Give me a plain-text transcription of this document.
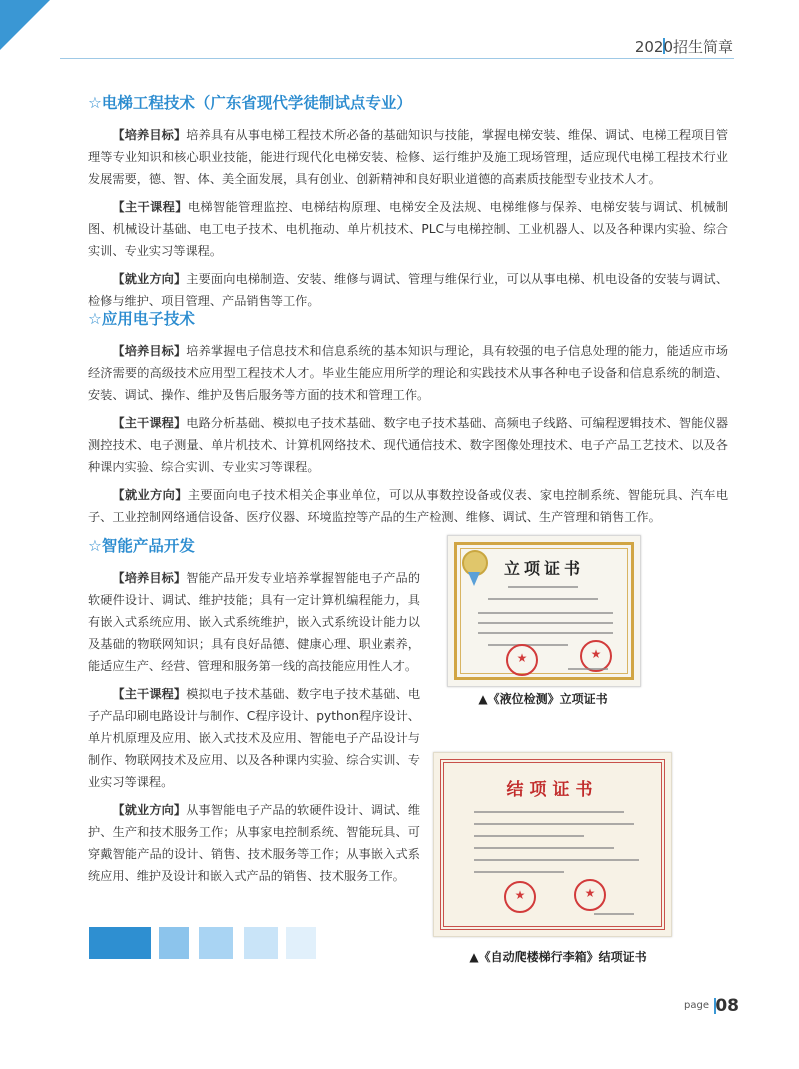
2020招生简章
☆电梯工程技术（广东省现代学徒制试点专业）

【培养目标】培养具有从事电梯工程技术所必备的基础知识与技能，掌握电梯安装、维保、调试、电梯工程项目管理等专业知识和核心职业技能，能进行现代化电梯安装、检修、运行维护及施工现场管理，适应现代电梯工程技术行业发展需要，德、智、体、美全面发展，具有创业、创新精神和良好职业道德的高素质技能型专业技术人才。

【主干课程】电梯智能管理监控、电梯结构原理、电梯安全及法规、电梯维修与保养、电梯安装与调试、机械制图、机械设计基础、电工电子技术、电机拖动、单片机技术、PLC与电梯控制、工业机器人、以及各种课内实验、综合实训、专业实习等课程。

【就业方向】主要面向电梯制造、安装、维修与调试、管理与维保行业，可以从事电梯、机电设备的安装与调试、检修与维护、项目管理、产品销售等工作。

☆应用电子技术

【培养目标】培养掌握电子信息技术和信息系统的基本知识与理论，具有较强的电子信息处理的能力，能适应市场经济需要的高级技术应用型工程技术人才。毕业生能应用所学的理论和实践技术从事各种电子设备和信息系统的制造、安装、调试、操作、维护及售后服务等方面的技术和管理工作。

【主干课程】电路分析基础、模拟电子技术基础、数字电子技术基础、高频电子线路、可编程逻辑技术、智能仪器测控技术、电子测量、单片机技术、计算机网络技术、现代通信技术、数字图像处理技术、电子产品工艺技术、以及各种课内实验、综合实训、专业实习等课程。

【就业方向】主要面向电子技术相关企事业单位，可以从事数控设备或仪表、家电控制系统、智能玩具、汽车电子、工业控制网络通信设备、医疗仪器、环境监控等产品的生产检测、维修、调试、生产管理和销售工作。

☆智能产品开发

【培养目标】智能产品开发专业培养掌握智能电子产品的软硬件设计、调试、维护技能；具有一定计算机编程能力，具有嵌入式系统应用、嵌入式系统维护，嵌入式系统设计能力以及基础的物联网知识；具有良好品德、健康心理、职业素养，能适应生产、经营、管理和服务第一线的高技能应用性人才。

【主干课程】模拟电子技术基础、数字电子技术基础、电子产品印刷电路设计与制作、C程序设计、python程序设计、单片机原理及应用、嵌入式技术及应用、智能电子产品设计与制作、物联网技术及应用、以及各种课内实验、综合实训、专业实习等课程。

【就业方向】从事智能电子产品的软硬件设计、调试、维护、生产和技术服务工作；从事家电控制系统、智能玩具、可穿戴智能产品的设计、销售、技术服务等工作；从事嵌入式系统应用、维护及设计和嵌入式产品的销售、技术服务工作。

立项证书
★
★
▲《液位检测》立项证书
结项证书
★
★
▲《自动爬楼梯行李箱》结项证书
page 08
